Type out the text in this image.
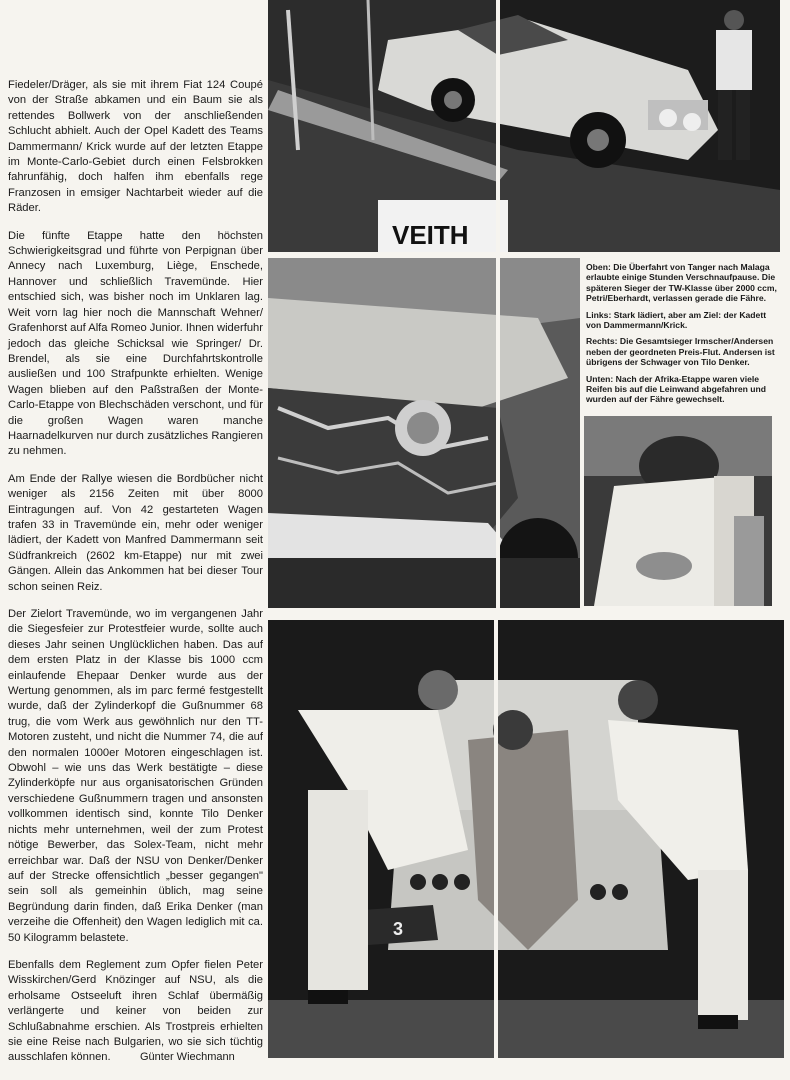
Fiedeler/Dräger, als sie mit ihrem Fiat 124 Coupé von der Straße abkamen und ein Baum sie als rettendes Bollwerk von der anschließenden Schlucht abhielt. Auch der Opel Kadett des Teams Dammermann/ Krick wurde auf der letzten Etappe im Monte-Carlo-Gebiet durch einen Felsbrokken fahrunfähig, doch halfen ihm ebenfalls rege Franzosen in emsiger Nachtarbeit wieder auf die Räder.

Die fünfte Etappe hatte den höchsten Schwierigkeitsgrad und führte von Perpignan über Annecy nach Luxemburg, Liège, Enschede, Hannover und schließlich Travemünde. Hier entschied sich, was bisher noch im Unklaren lag. Weit vorn lag hier noch die Mannschaft Wehner/ Grafenhorst auf Alfa Romeo Junior. Ihnen widerfuhr jedoch das gleiche Schicksal wie Springer/ Dr. Brendel, als sie eine Durchfahrtskontrolle ausließen und 100 Strafpunkte erhielten. Wenige Wagen blieben auf den Paßstraßen der Monte-Carlo-Etappe von Blechschäden verschont, und für die großen Wagen waren manche Haarnadelkurven nur durch zusätzliches Rangieren zu nehmen.

Am Ende der Rallye wiesen die Bordbücher nicht weniger als 2156 Zeiten mit über 8000 Eintragungen auf. Von 42 gestarteten Wagen trafen 33 in Travemünde ein, mehr oder weniger lädiert, der Kadett von Manfred Dammermann seit Südfrankreich (2602 km-Etappe) nur mit zwei Gängen. Allein das Ankommen hat bei dieser Tour schon seinen Reiz.

Der Zielort Travemünde, wo im vergangenen Jahr die Siegesfeier zur Protestfeier wurde, sollte auch dieses Jahr seinen Unglücklichen haben. Das auf dem ersten Platz in der Klasse bis 1000 ccm einlaufende Ehepaar Denker wurde aus der Wertung genommen, als im parc fermé festgestellt wurde, daß der Zylinderkopf die Gußnummer 68 trug, die vom Werk aus gewöhnlich nur den TT-Motoren zusteht, und nicht die Nummer 74, die auf den normalen 1000er Motoren eingeschlagen ist. Obwohl – wie uns das Werk bestätigte – diese Zylinderköpfe nur aus organisatorischen Gründen verschiedene Gußnummern tragen und ansonsten vollkommen identisch sind, konnte Tilo Denker nichts mehr unternehmen, weil der zum Protest nötige Bewerber, das Solex-Team, nicht mehr erreichbar war. Daß der NSU von Denker/Denker auf der Strecke offensichtlich „besser gegangen" sein soll als gemeinhin üblich, mag seine Begründung darin finden, daß Erika Denker (man verzeihe die Offenheit) den Wagen lediglich mit ca. 50 Kilogramm belastete.

Ebenfalls dem Reglement zum Opfer fielen Peter Wisskirchen/Gerd Knözinger auf NSU, als die erholsame Ostseeluft ihren Schlaf übermäßig verlängerte und keiner von beiden zur Schlußabnahme erschien. Als Trostpreis erhielten sie eine Reise nach Bulgarien, wo sie sich tüchtig ausschlafen können.	Günter Wiechmann
VEITH

Oben: Die Überfahrt von Tanger nach Malaga erlaubte einige Stunden Verschnaufpause. Die späteren Sieger der TW-Klasse über 2000 ccm, Petri/Eberhardt, verlassen gerade die Fähre.

Links: Stark lädiert, aber am Ziel: der Kadett von Dammermann/Krick.

Rechts: Die Gesamtsieger Irmscher/Andersen neben der geordneten Preis-Flut. Andersen ist übrigens der Schwager von Tilo Denker.

Unten: Nach der Afrika-Etappe waren viele Reifen bis auf die Leinwand abgefahren und wurden auf der Fähre gewechselt.

3
